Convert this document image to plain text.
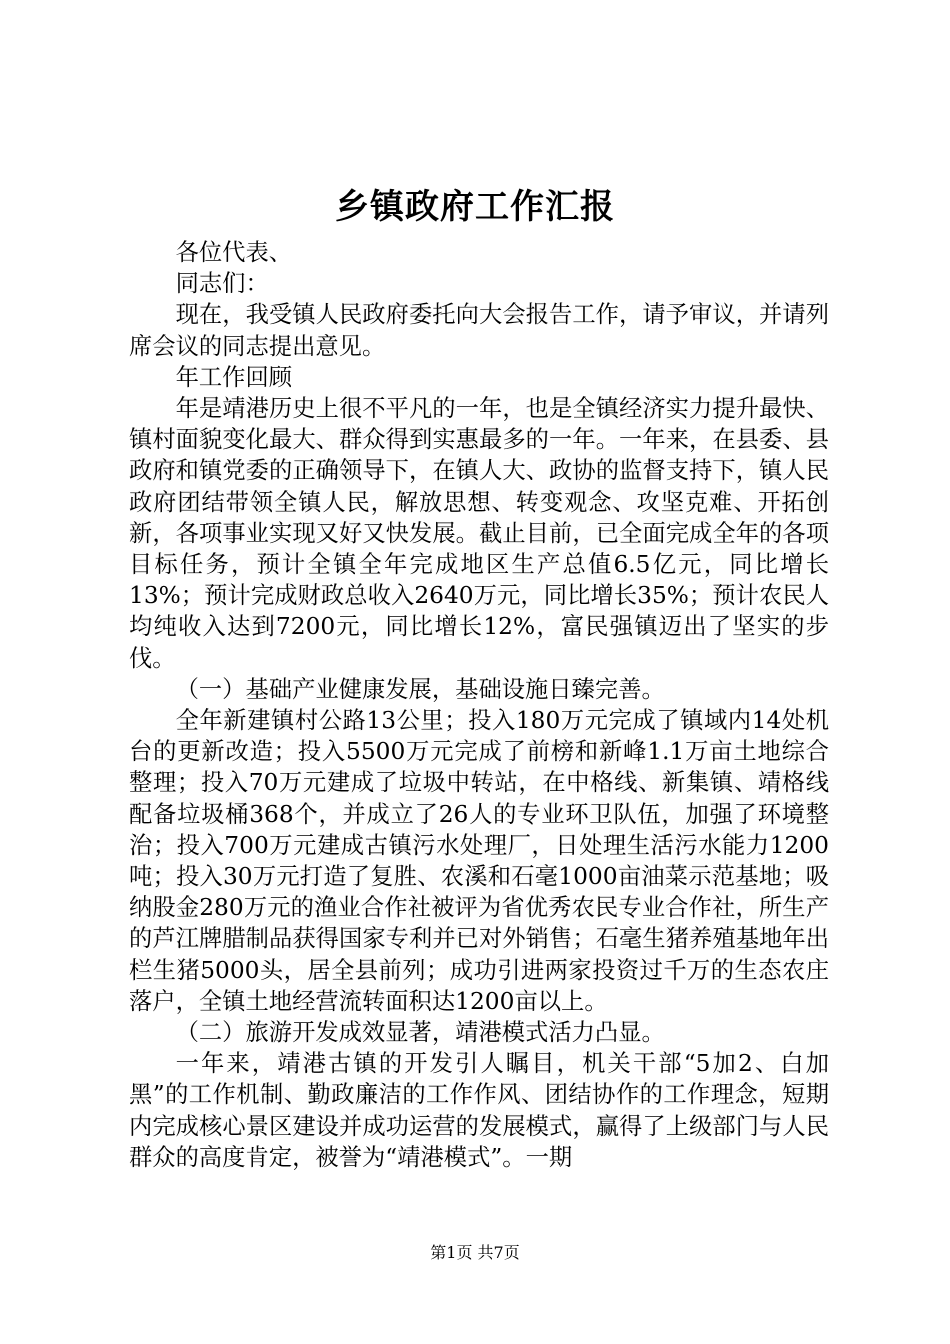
乡镇政府工作汇报

各位代表、

同志们：

现在，我受镇人民政府委托向大会报告工作，请予审议，并请列席会议的同志提出意见。

年工作回顾

年是靖港历史上很不平凡的一年，也是全镇经济实力提升最快、镇村面貌变化最大、群众得到实惠最多的一年。一年来，在县委、县政府和镇党委的正确领导下，在镇人大、政协的监督支持下，镇人民政府团结带领全镇人民，解放思想、转变观念、攻坚克难、开拓创新，各项事业实现又好又快发展。截止目前，已全面完成全年的各项目标任务，预计全镇全年完成地区生产总值6.5亿元，同比增长13%；预计完成财政总收入2640万元，同比增长35%；预计农民人均纯收入达到7200元，同比增长12%，富民强镇迈出了坚实的步伐。

（一）基础产业健康发展，基础设施日臻完善。

全年新建镇村公路13公里；投入180万元完成了镇域内14处机台的更新改造；投入5500万元完成了前榜和新峰1.1万亩土地综合整理；投入70万元建成了垃圾中转站，在中格线、新集镇、靖格线配备垃圾桶368个，并成立了26人的专业环卫队伍，加强了环境整治；投入700万元建成古镇污水处理厂，日处理生活污水能力1200吨；投入30万元打造了复胜、农溪和石毫1000亩油菜示范基地；吸纳股金280万元的渔业合作社被评为省优秀农民专业合作社，所生产的芦江牌腊制品获得国家专利并已对外销售；石毫生猪养殖基地年出栏生猪5000头，居全县前列；成功引进两家投资过千万的生态农庄落户，全镇土地经营流转面积达1200亩以上。

（二）旅游开发成效显著，靖港模式活力凸显。

一年来，靖港古镇的开发引人瞩目，机关干部“5加2、白加黑”的工作机制、勤政廉洁的工作作风、团结协作的工作理念，短期内完成核心景区建设并成功运营的发展模式，赢得了上级部门与人民群众的高度肯定，被誉为“靖港模式”。一期

第1页 共7页
